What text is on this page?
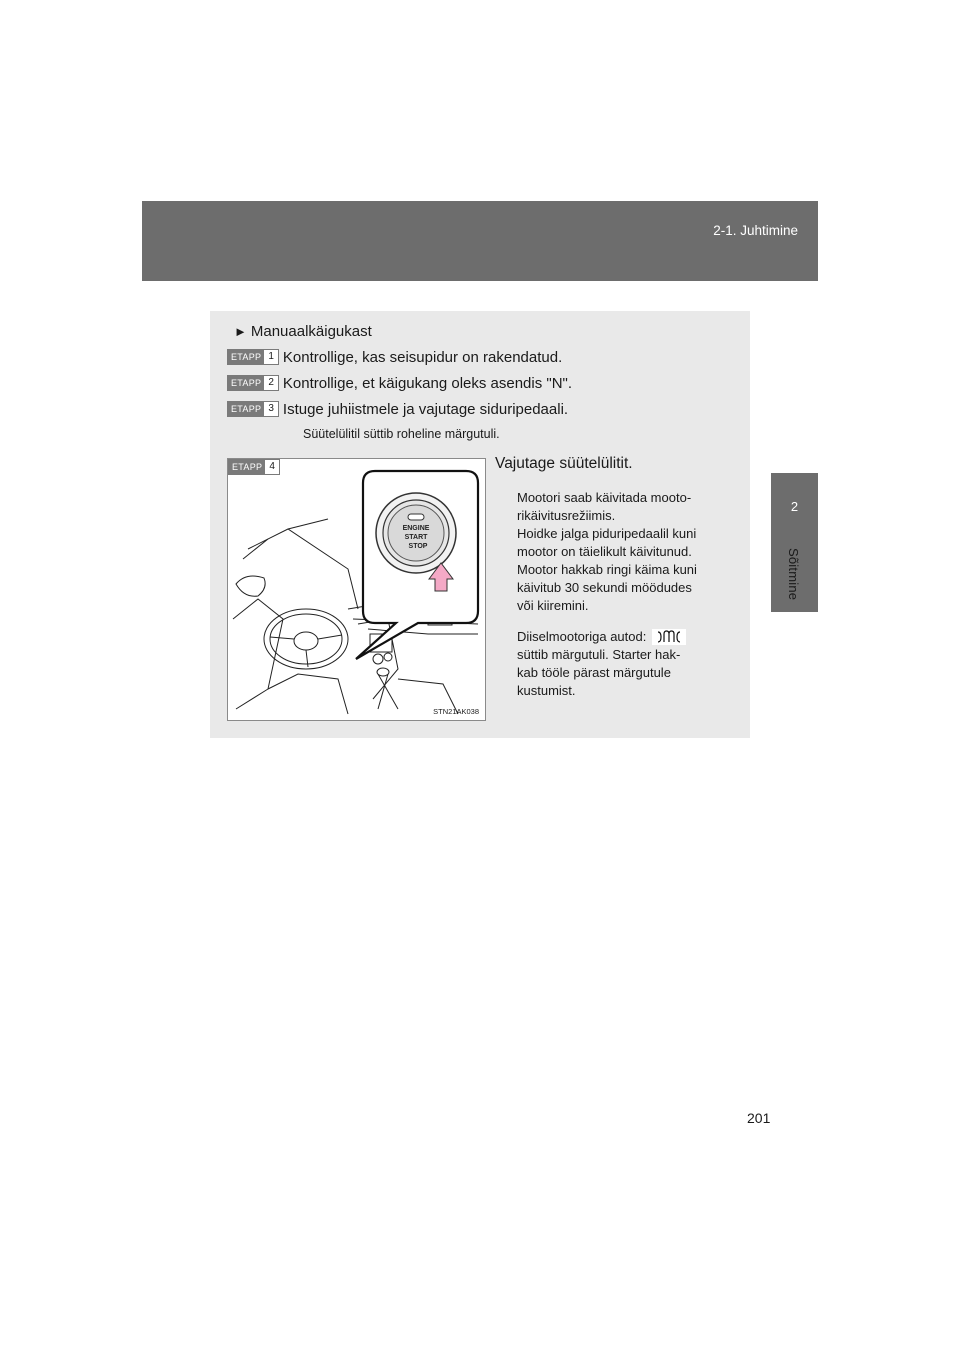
2-1. Juhtimine
2
Sõitmine
► Manuaalkäigukast
ETAPP 1 Kontrollige, kas seisupidur on rakendatud.
ETAPP 2 Kontrollige, et käigukang oleks asendis "N".
ETAPP 3 Istuge juhiistmele ja vajutage siduripedaali.
Süütelülitil süttib roheline märgutuli.
ENGINE
START
STOP
ETAPP 4
STN21AK038
Vajutage süütelülitit.
Mootori saab käivitada mooto-
rikäivitusrežiimis.
Hoidke jalga piduripedaalil kuni
mootor on täielikult käivitunud.
Mootor hakkab ringi käima kuni
käivitub 30 sekundi möödudes
või kiiremini.
Diiselmootoriga autod:
süttib märgutuli. Starter hak-
kab tööle pärast märgutule
kustumist.
201
